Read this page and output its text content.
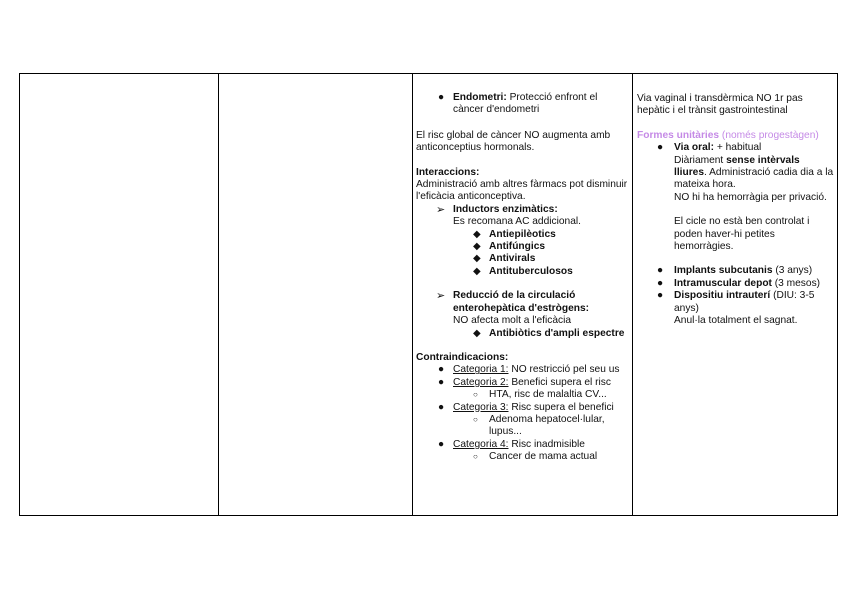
● Endometri: Protecció enfront el càncer d'endometri

El risc global de càncer NO augmenta amb anticonceptius hormonals.

Interaccions:

Administració amb altres fàrmacs pot disminuir l'eficàcia anticonceptiva.

➢ Inductors enzimàtics:

Es recomana AC addicional.

◆ Antiepilèotics
◆ Antifúngics
◆ Antivirals
◆ Antituberculosos
➢ Reducció de la circulació enterohepàtica d'estrògens:

NO afecta molt a l'eficàcia

◆ Antibiòtics d'ampli espectre

Contraindicacions:

● Categoria 1: NO restricció pel seu us
● Categoria 2: Benefici supera el risc
○ HTA, risc de malaltia CV...
● Categoria 3: Risc supera el benefici
○ Adenoma hepatocel·lular, lupus...
● Categoria 4: Risc inadmisible
○ Cancer de mama actual

Via vaginal i transdèrmica NO 1r pas hepàtic i el trànsit gastrointestinal

Formes unitàries (només progestàgen)

● Via oral: + habitual

Diàriament sense intèrvals lliures. Administració cadia dia a la mateixa hora.

NO hi ha hemorràgia per privació.

El cicle no està ben controlat i poden haver-hi petites hemorràgies.

● Implants subcutanis (3 anys)
● Intramuscular depot (3 mesos)
● Dispositiu intrauterí (DIU: 3-5 anys)

Anul·la totalment el sagnat.
